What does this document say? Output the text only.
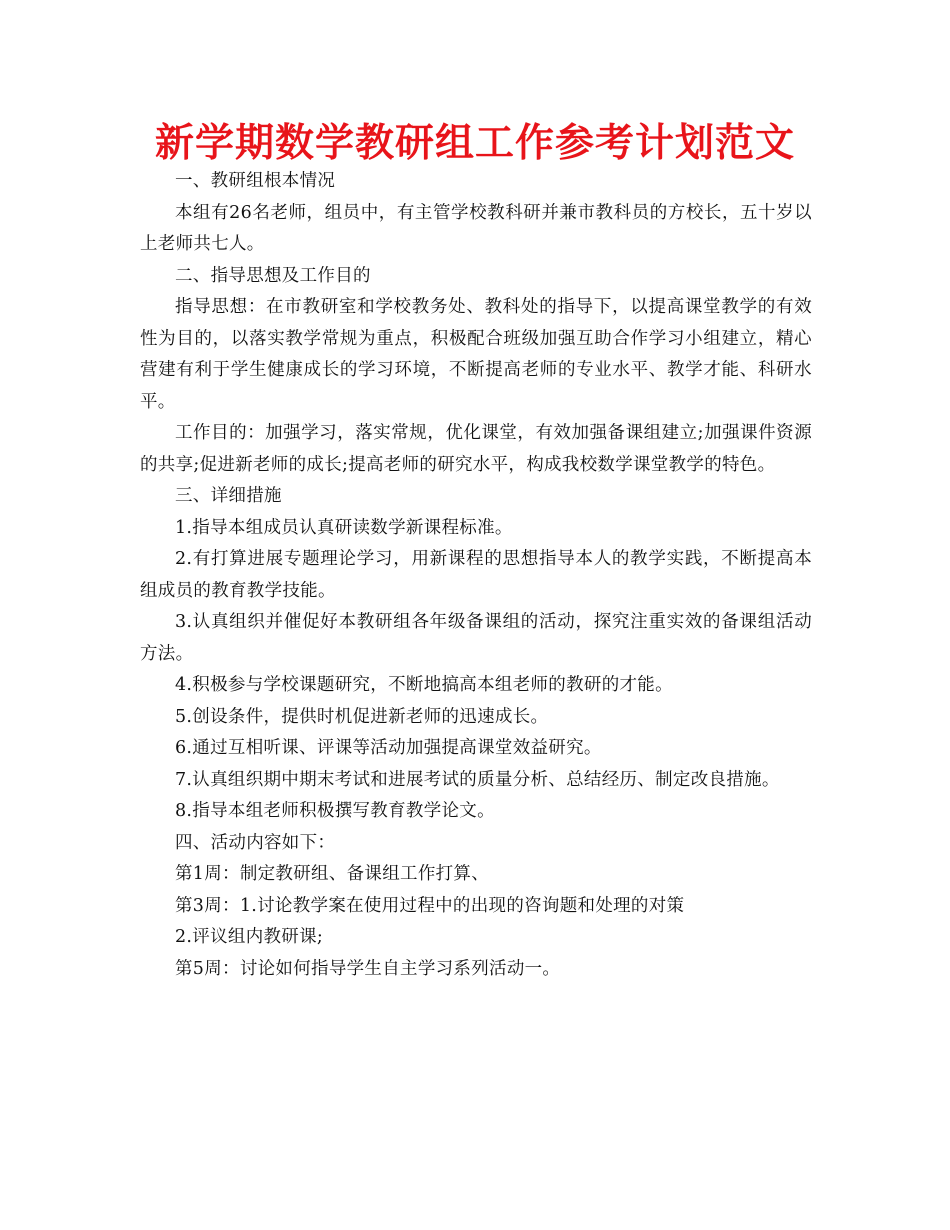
新学期数学教研组工作参考计划范文

一、教研组根本情况

本组有26名老师，组员中，有主管学校教科研并兼市教科员的方校长，五十岁以上老师共七人。

二、指导思想及工作目的

指导思想：在市教研室和学校教务处、教科处的指导下，以提高课堂教学的有效性为目的，以落实教学常规为重点，积极配合班级加强互助合作学习小组建立，精心营建有利于学生健康成长的学习环境，不断提高老师的专业水平、教学才能、科研水平。

工作目的：加强学习，落实常规，优化课堂，有效加强备课组建立;加强课件资源的共享;促进新老师的成长;提高老师的研究水平，构成我校数学课堂教学的特色。

三、详细措施

1.指导本组成员认真研读数学新课程标准。

2.有打算进展专题理论学习，用新课程的思想指导本人的教学实践，不断提高本组成员的教育教学技能。

3.认真组织并催促好本教研组各年级备课组的活动，探究注重实效的备课组活动方法。

4.积极参与学校课题研究，不断地搞高本组老师的教研的才能。

5.创设条件，提供时机促进新老师的迅速成长。

6.通过互相听课、评课等活动加强提高课堂效益研究。

7.认真组织期中期末考试和进展考试的质量分析、总结经历、制定改良措施。

8.指导本组老师积极撰写教育教学论文。

四、活动内容如下：

第1周：制定教研组、备课组工作打算、

第3周：1.讨论教学案在使用过程中的出现的咨询题和处理的对策

2.评议组内教研课;

第5周：讨论如何指导学生自主学习系列活动一。
